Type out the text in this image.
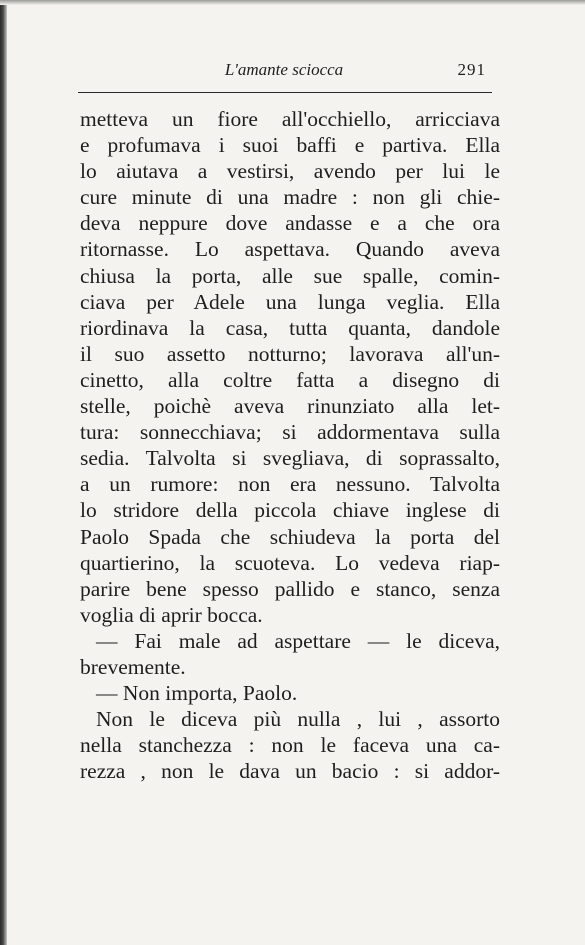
L'amante sciocca	291
metteva un fiore all'occhiello, arricciava
e profumava i suoi baffi e partiva. Ella
lo aiutava a vestirsi, avendo per lui le
cure minute di una madre : non gli chie-
deva neppure dove andasse e a che ora
ritornasse. Lo aspettava. Quando aveva
chiusa la porta, alle sue spalle, comin-
ciava per Adele una lunga veglia. Ella
riordinava la casa, tutta quanta, dandole
il suo assetto notturno; lavorava all'un-
cinetto, alla coltre fatta a disegno di
stelle, poichè aveva rinunziato alla let-
tura: sonnecchiava; si addormentava sulla
sedia. Talvolta si svegliava, di soprassalto,
a un rumore: non era nessuno. Talvolta
lo stridore della piccola chiave inglese di
Paolo Spada che schiudeva la porta del
quartierino, la scuoteva. Lo vedeva riap-
parire bene spesso pallido e stanco, senza
voglia di aprir bocca.
— Fai male ad aspettare — le diceva,
brevemente.
— Non importa, Paolo.
Non le diceva più nulla , lui , assorto
nella stanchezza : non le faceva una ca-
rezza , non le dava un bacio : si addor-
